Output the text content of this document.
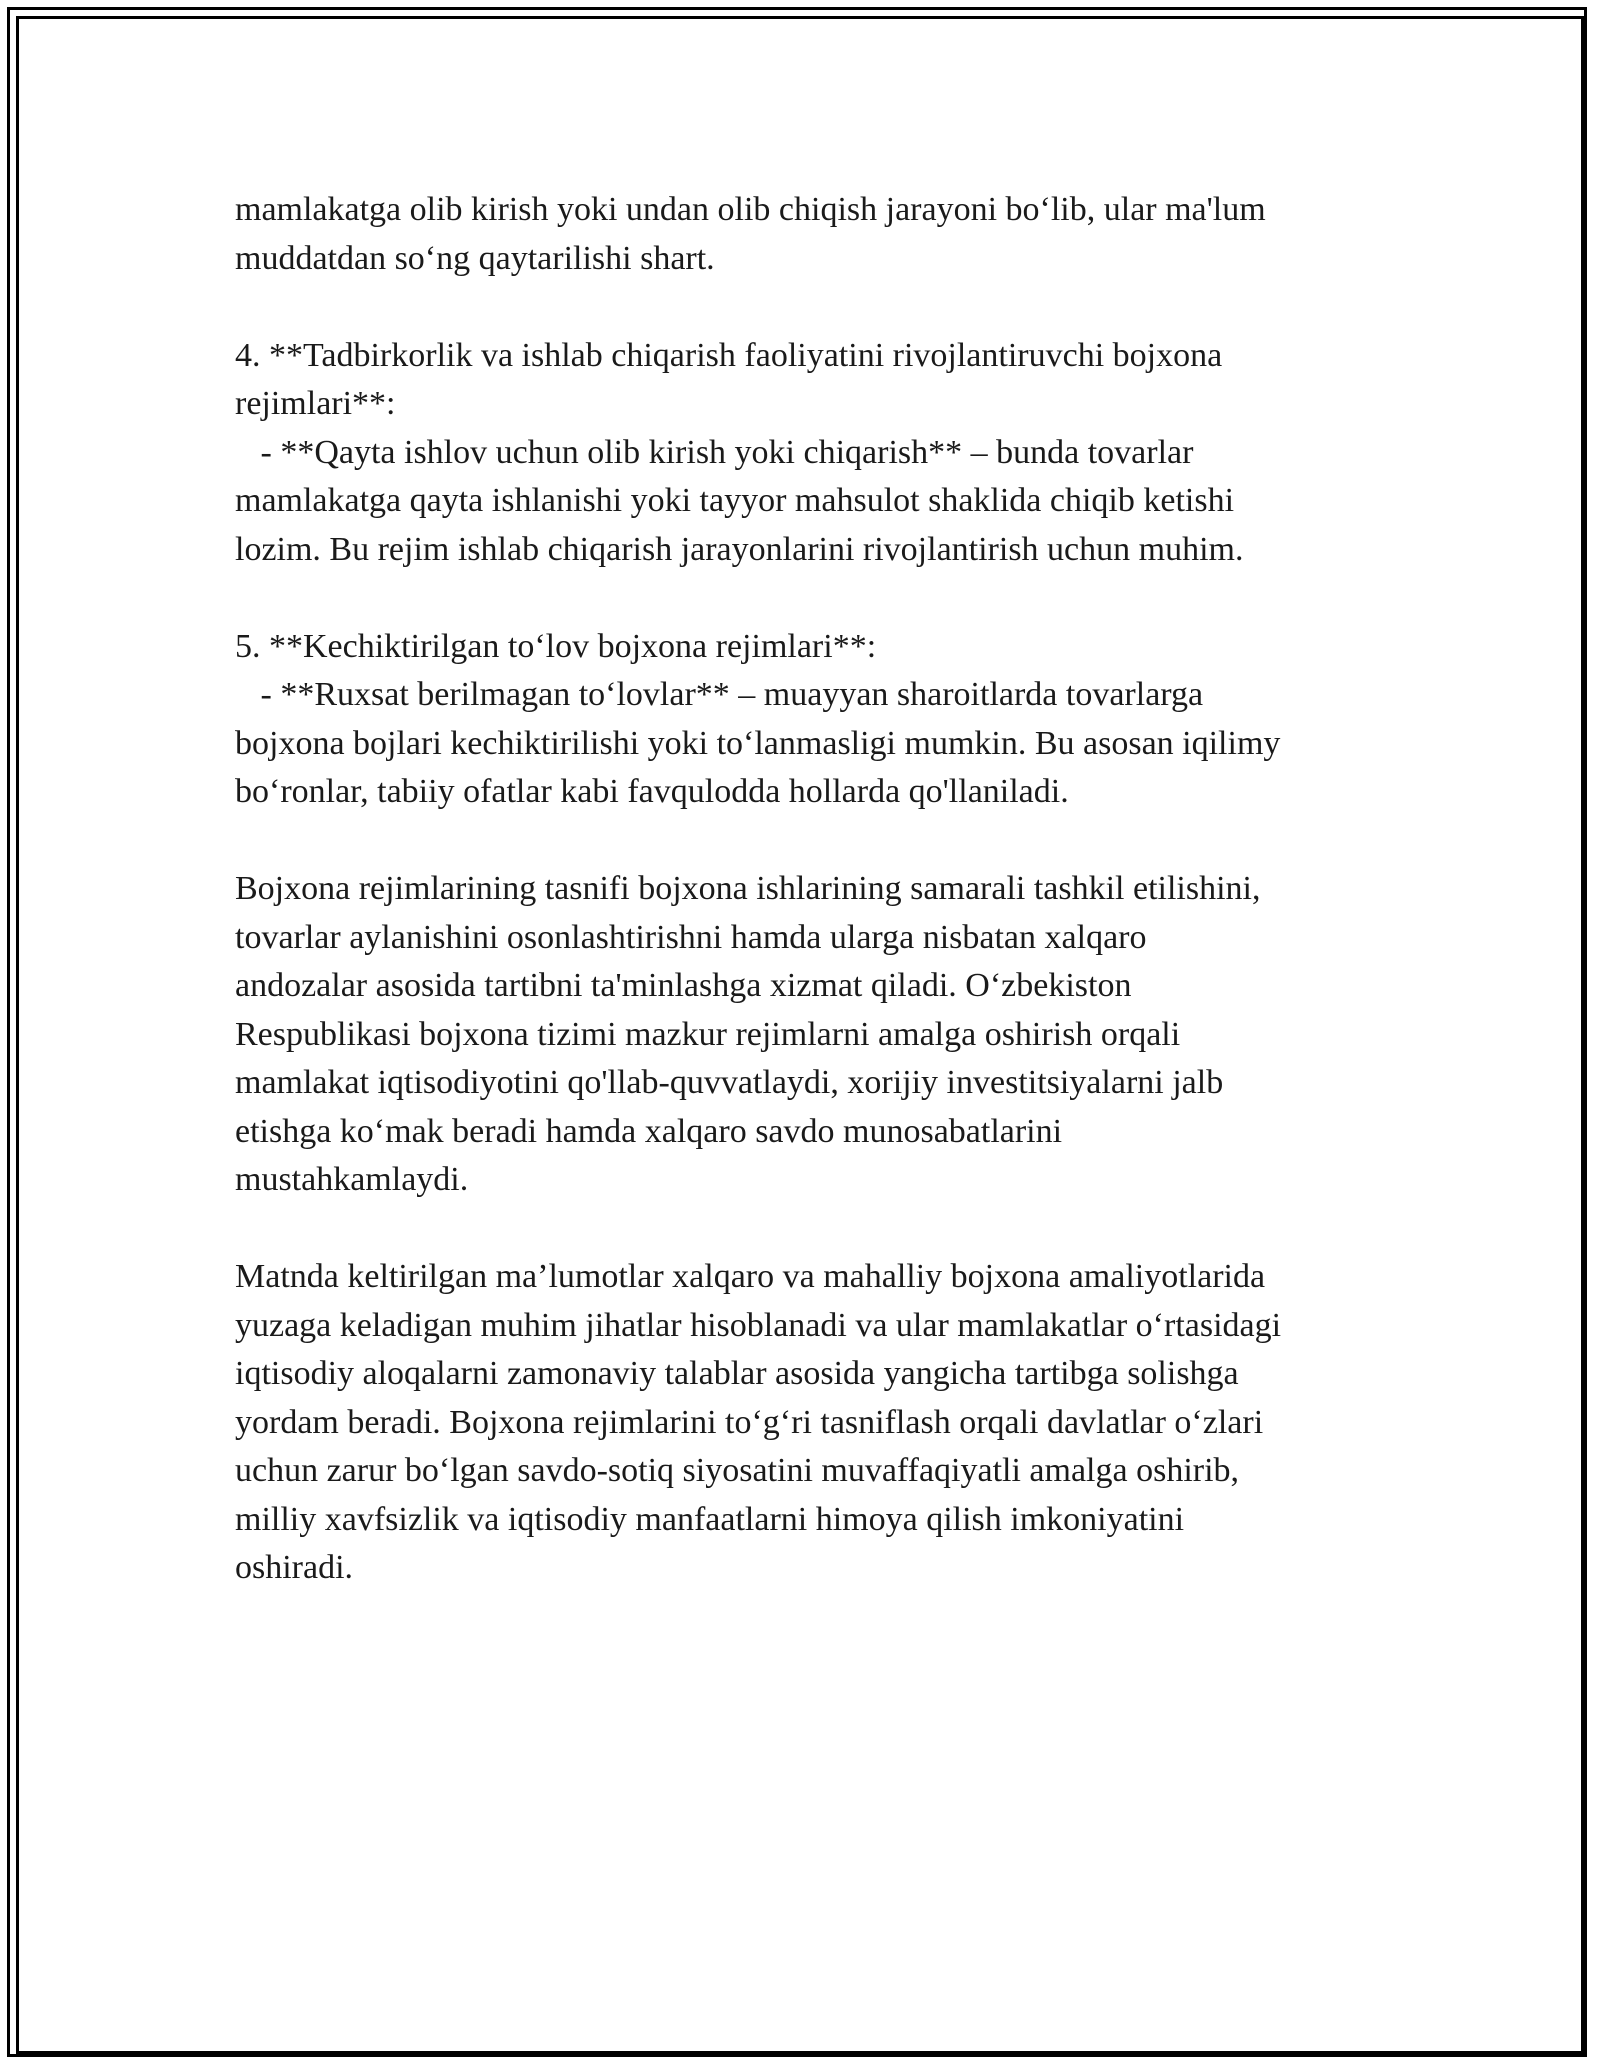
mamlakatga olib kirish yoki undan olib chiqish jarayoni bo‘lib, ular ma'lum
muddatdan so‘ng qaytarilishi shart.
4. **Tadbirkorlik va ishlab chiqarish faoliyatini rivojlantiruvchi bojxona
rejimlari**:
- **Qayta ishlov uchun olib kirish yoki chiqarish** – bunda tovarlar
mamlakatga qayta ishlanishi yoki tayyor mahsulot shaklida chiqib ketishi
lozim. Bu rejim ishlab chiqarish jarayonlarini rivojlantirish uchun muhim.
5. **Kechiktirilgan to‘lov bojxona rejimlari**:
- **Ruxsat berilmagan to‘lovlar** – muayyan sharoitlarda tovarlarga
bojxona bojlari kechiktirilishi yoki to‘lanmasligi mumkin. Bu asosan iqilimy
bo‘ronlar, tabiiy ofatlar kabi favqulodda hollarda qo'llaniladi.
Bojxona rejimlarining tasnifi bojxona ishlarining samarali tashkil etilishini,
tovarlar aylanishini osonlashtirishni hamda ularga nisbatan xalqaro
andozalar asosida tartibni ta'minlashga xizmat qiladi. O‘zbekiston
Respublikasi bojxona tizimi mazkur rejimlarni amalga oshirish orqali
mamlakat iqtisodiyotini qo'llab-quvvatlaydi, xorijiy investitsiyalarni jalb
etishga ko‘mak beradi hamda xalqaro savdo munosabatlarini
mustahkamlaydi.
Matnda keltirilgan ma’lumotlar xalqaro va mahalliy bojxona amaliyotlarida
yuzaga keladigan muhim jihatlar hisoblanadi va ular mamlakatlar o‘rtasidagi
iqtisodiy aloqalarni zamonaviy talablar asosida yangicha tartibga solishga
yordam beradi. Bojxona rejimlarini to‘g‘ri tasniflash orqali davlatlar o‘zlari
uchun zarur bo‘lgan savdo-sotiq siyosatini muvaffaqiyatli amalga oshirib,
milliy xavfsizlik va iqtisodiy manfaatlarni himoya qilish imkoniyatini
oshiradi.
